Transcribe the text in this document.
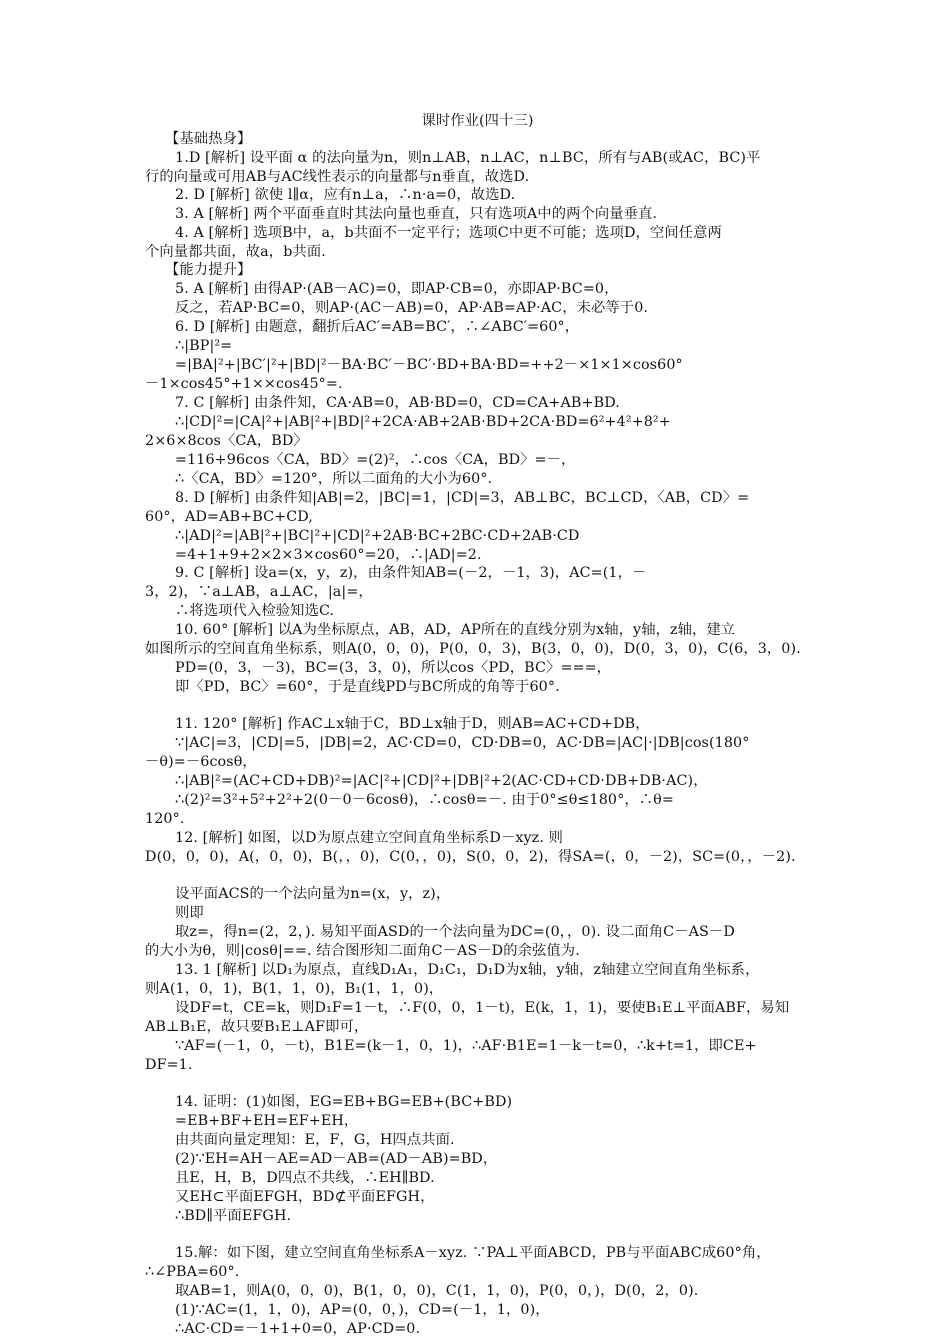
课时作业(四十三)
【基础热身】
1.D [解析] 设平面 α 的法向量为n，则n⊥AB，n⊥AC，n⊥BC，所有与AB(或AC，BC)平
行的向量或可用AB与AC线性表示的向量都与n垂直，故选D.
2. D [解析] 欲使 l∥α，应有n⊥a，∴n·a=0，故选D.
3. A [解析] 两个平面垂直时其法向量也垂直，只有选项A中的两个向量垂直.
4. A [解析] 选项B中，a，b共面不一定平行；选项C中更不可能；选项D，空间任意两
个向量都共面，故a，b共面.
【能力提升】
5. A [解析] 由得AP·(AB－AC)=0，即AP·CB=0，亦即AP·BC=0，
反之，若AP·BC=0，则AP·(AC－AB)=0，AP·AB=AP·AC，未必等于0.
6. D [解析] 由题意，翻折后AC′=AB=BC′，∴∠ABC′=60°，
∴|BP|²=
=|BA|²+|BC′|²+|BD|²－BA·BC′－BC′·BD+BA·BD=++2－×1×1×cos60°
－1×cos45°+1××cos45°=.
7. C [解析] 由条件知，CA·AB=0，AB·BD=0，CD=CA+AB+BD.
∴|CD|²=|CA|²+|AB|²+|BD|²+2CA·AB+2AB·BD+2CA·BD=6²+4²+8²+
2×6×8cos〈CA，BD〉
=116+96cos〈CA，BD〉=(2)²，∴cos〈CA，BD〉=－，
∴〈CA，BD〉=120°，所以二面角的大小为60°.
8. D [解析] 由条件知|AB|=2，|BC|=1，|CD|=3，AB⊥BC，BC⊥CD，〈AB，CD〉=
60°，AD=AB+BC+CD,
∴|AD|²=|AB|²+|BC|²+|CD|²+2AB·BC+2BC·CD+2AB·CD
=4+1+9+2×2×3×cos60°=20，∴|AD|=2.
9. C [解析] 设a=(x，y，z)，由条件知AB=(－2，－1，3)，AC=(1，－
3，2)，∵a⊥AB，a⊥AC，|a|=，
∴将选项代入检验知选C.
10. 60° [解析] 以A为坐标原点，AB，AD，AP所在的直线分别为x轴，y轴，z轴，建立
如图所示的空间直角坐标系，则A(0，0，0)，P(0，0，3)，B(3，0，0)，D(0，3，0)，C(6，3，0).
PD=(0，3，－3)，BC=(3，3，0)，所以cos〈PD，BC〉===，
即〈PD，BC〉=60°，于是直线PD与BC所成的角等于60°.
11. 120° [解析] 作AC⊥x轴于C，BD⊥x轴于D，则AB=AC+CD+DB，
∵|AC|=3，|CD|=5，|DB|=2，AC·CD=0，CD·DB=0，AC·DB=|AC|·|DB|cos(180°
－θ)=－6cosθ，
∴|AB|²=(AC+CD+DB)²=|AC|²+|CD|²+|DB|²+2(AC·CD+CD·DB+DB·AC)，
∴(2)²=3²+5²+2²+2(0－0－6cosθ)，∴cosθ=－. 由于0°≤θ≤180°，∴θ=
120°.
12. [解析] 如图，以D为原点建立空间直角坐标系D－xyz. 则
D(0，0，0)，A(，0，0)，B(，，0)，C(0，，0)，S(0，0，2)，得SA=(，0，－2)，SC=(0，，－2).
设平面ACS的一个法向量为n=(x，y，z)，
则即
取z=，得n=(2，2，). 易知平面ASD的一个法向量为DC=(0，，0). 设二面角C－AS－D
的大小为θ，则|cosθ|==. 结合图形知二面角C－AS－D的余弦值为.
13. 1 [解析] 以D₁为原点，直线D₁A₁，D₁C₁，D₁D为x轴，y轴，z轴建立空间直角坐标系，
则A(1，0，1)，B(1，1，0)，B₁(1，1，0)，
设DF=t，CE=k，则D₁F=1－t，∴F(0，0，1－t)，E(k，1，1)，要使B₁E⊥平面ABF，易知
AB⊥B₁E，故只要B₁E⊥AF即可，
∵AF=(－1，0，－t)，B1E=(k－1，0，1)，∴AF·B1E=1－k－t=0，∴k+t=1，即CE+
DF=1.
14. 证明：(1)如图，EG=EB+BG=EB+(BC+BD)
=EB+BF+EH=EF+EH，
由共面向量定理知：E，F，G，H四点共面.
(2)∵EH=AH－AE=AD－AB=(AD－AB)=BD，
且E，H，B，D四点不共线，∴EH∥BD.
又EH⊂平面EFGH，BD⊄平面EFGH，
∴BD∥平面EFGH.
15.解：如下图，建立空间直角坐标系A－xyz. ∵PA⊥平面ABCD，PB与平面ABC成60°角，
∴∠PBA=60°.
取AB=1，则A(0，0，0)，B(1，0，0)，C(1，1，0)，P(0，0，)，D(0，2，0).
(1)∵AC=(1，1，0)，AP=(0，0，)，CD=(－1，1，0)，
∴AC·CD=－1+1+0=0，AP·CD=0.
